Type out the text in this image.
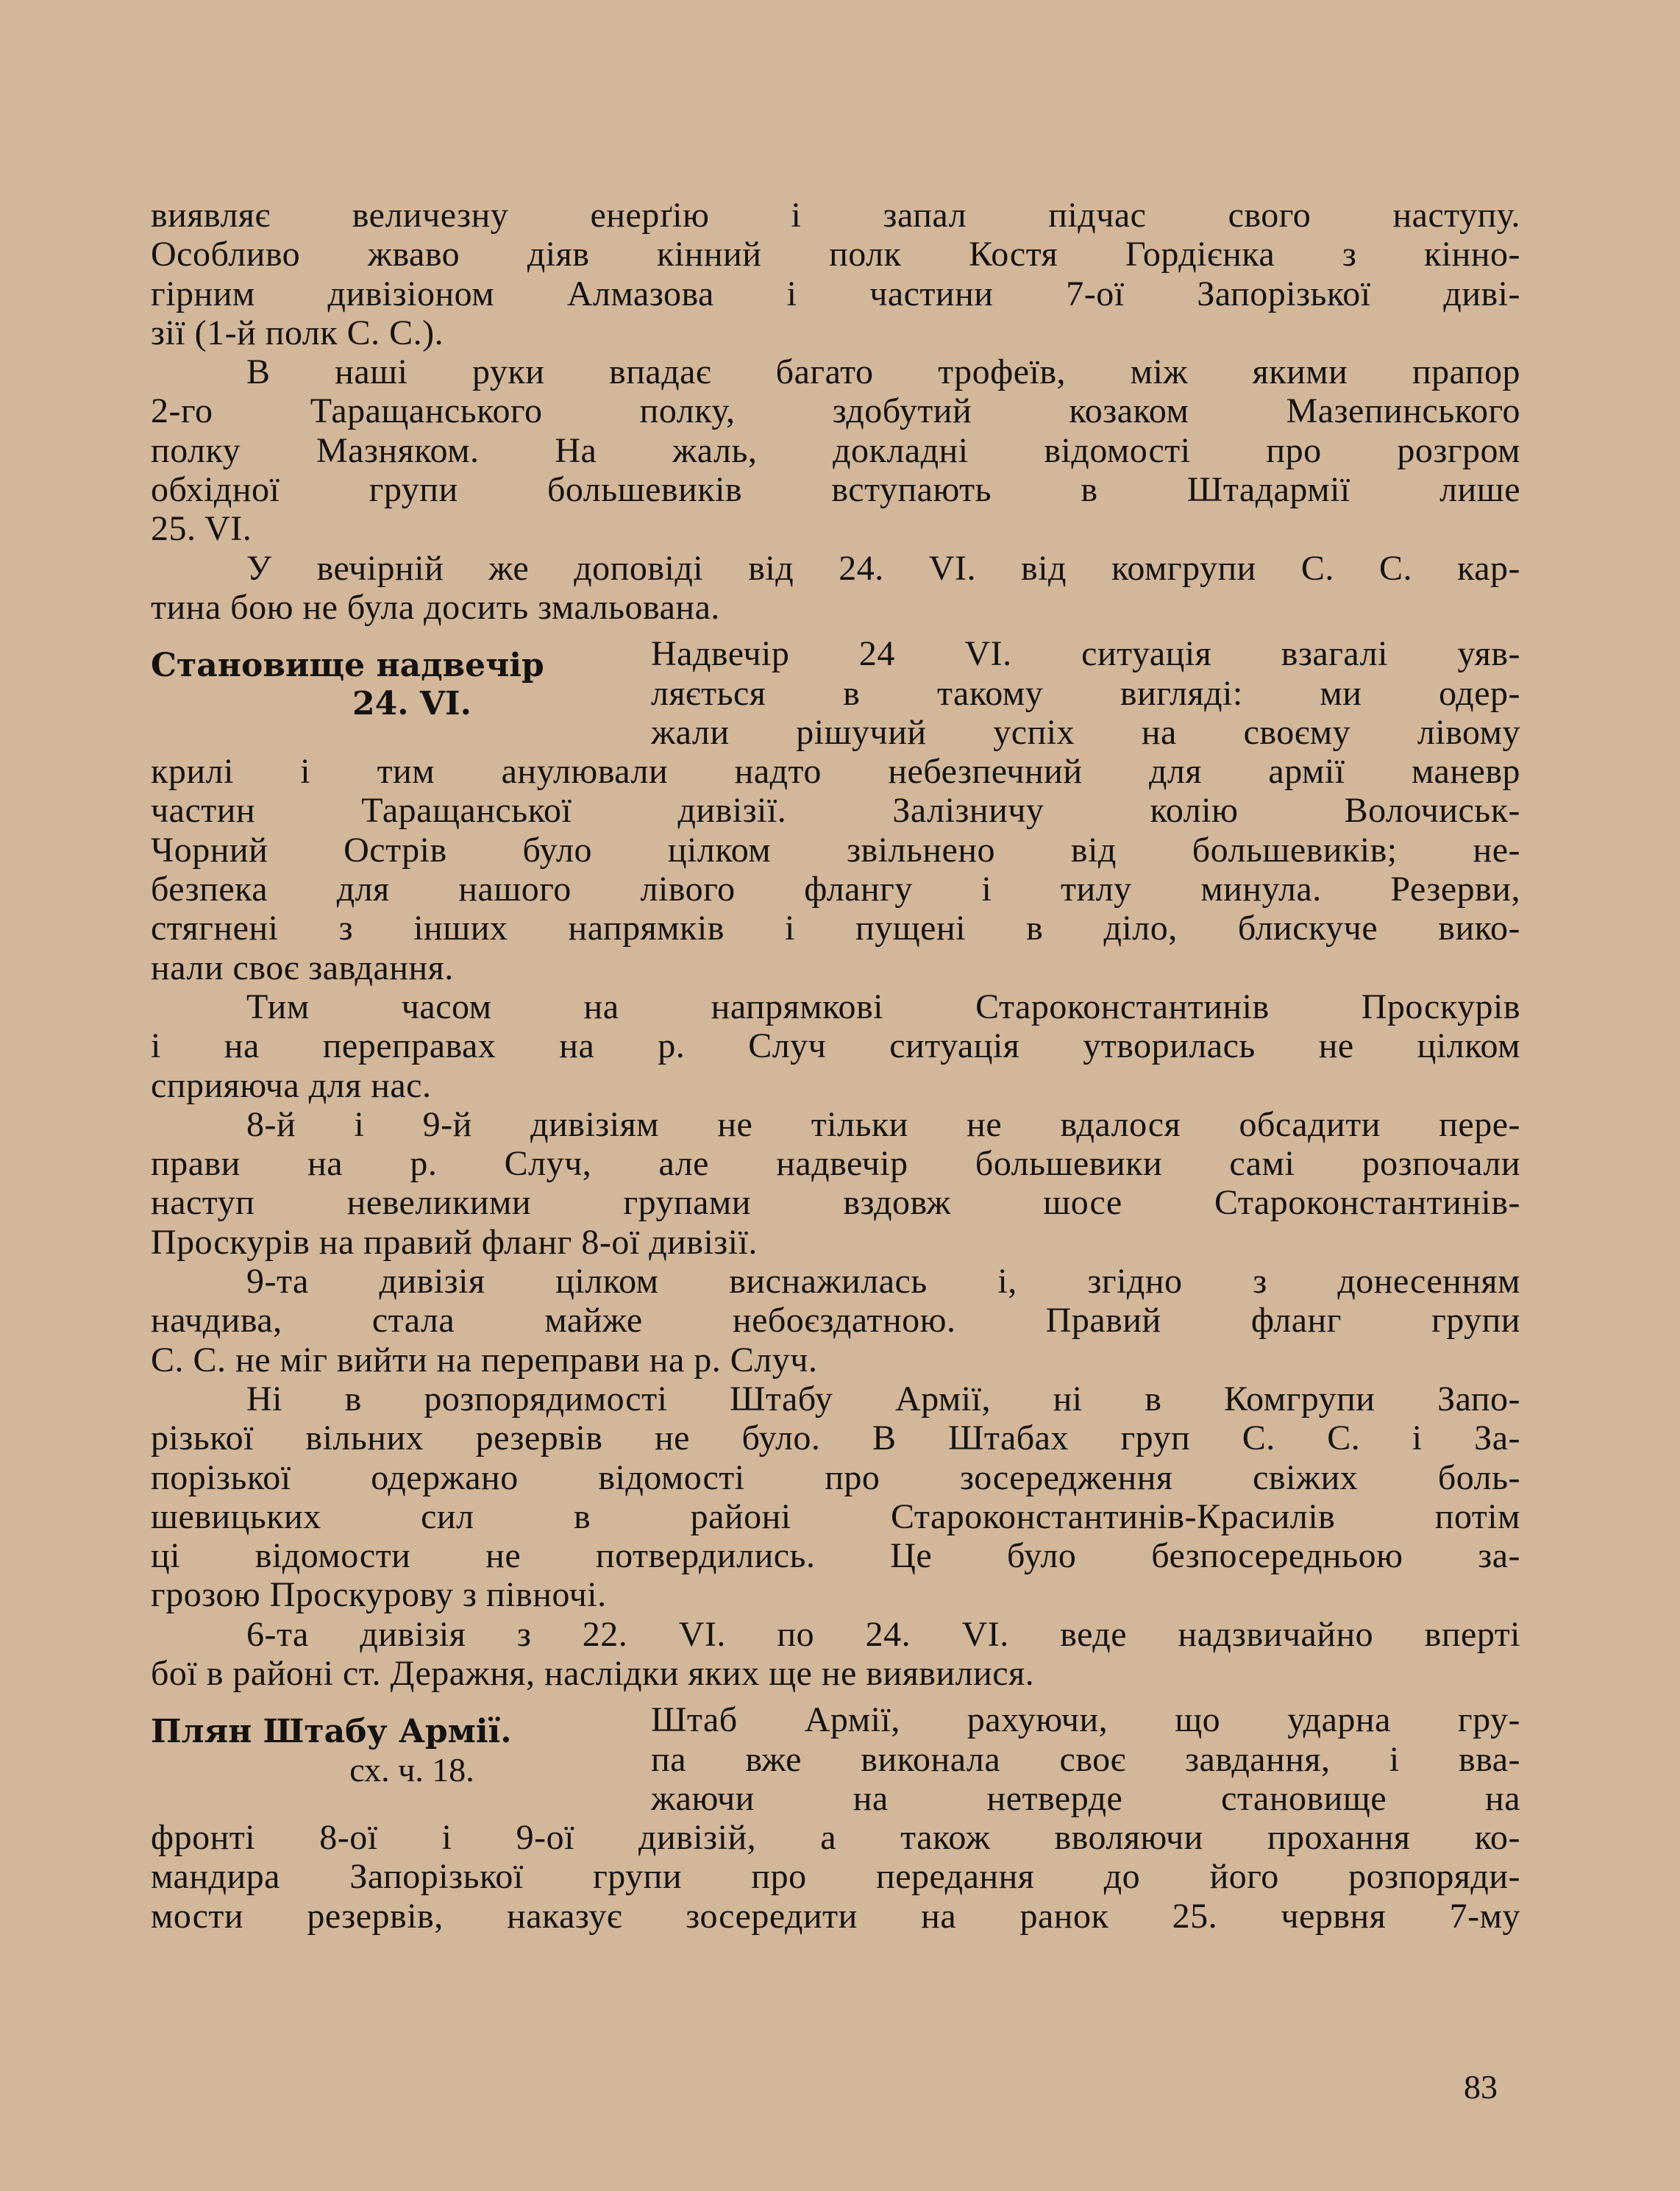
виявляє величезну енерґію і запал підчас свого наступу.
Особливо жваво діяв кінний полк Костя Гордієнка з кінно-
гірним дивізіоном Алмазова і частини 7-ої Запорізької диві-
зії (1-й полк С. С.).
В наші руки впадає багато трофеїв, між якими прапор
2-го Таращанського полку, здобутий козаком Мазепинського
полку Мазняком. На жаль, докладні відомості про розгром
обхідної групи большевиків вступають в Штадармії лише
25. VI.
У вечірній же доповіді від 24. VI. від комгрупи С. С. кар-
тина бою не була досить змальована.
Становище надвечір
24. VI.
Надвечір 24 VI. ситуація взагалі уяв-
ляється в такому вигляді: ми одер-
жали рішучий успіх на своєму лівому
крилі і тим анулювали надто небезпечний для армії маневр
частин Таращанської дивізії. Залізничу колію Волочиськ-
Чорний Острів було цілком звільнено від большевиків; не-
безпека для нашого лівого флангу і тилу минула. Резерви,
стягнені з інших напрямків і пущені в діло, блискуче вико-
нали своє завдання.
Тим часом на напрямкові Староконстантинів Проскурів
і на переправах на р. Случ ситуація утворилась не цілком
сприяюча для нас.
8-й і 9-й дивізіям не тільки не вдалося обсадити пере-
прави на р. Случ, але надвечір большевики самі розпочали
наступ невеликими групами вздовж шосе Староконстантинів-
Проскурів на правий фланг 8-ої дивізії.
9-та дивізія цілком виснажилась і, згідно з донесенням
начдива, стала майже небоєздатною. Правий фланг групи
С. С. не міг вийти на переправи на р. Случ.
Ні в розпорядимості Штабу Армії, ні в Комгрупи Запо-
різької вільних резервів не було. В Штабах груп С. С. і За-
порізької одержано відомості про зосередження свіжих боль-
шевицьких сил в районі Староконстантинів-Красилів потім
ці відомости не потвердились. Це було безпосередньою за-
грозою Проскурову з півночі.
6-та дивізія з 22. VI. по 24. VI. веде надзвичайно вперті
бої в районі ст. Деражня, наслідки яких ще не виявилися.
Плян Штабу Армії.
сх. ч. 18.
Штаб Армії, рахуючи, що ударна гру-
па вже виконала своє завдання, і вва-
жаючи на нетверде становище на
фронті 8-ої і 9-ої дивізій, а також вволяючи прохання ко-
мандира Запорізької групи про передання до його розпоряди-
мости резервів, наказує зосередити на ранок 25. червня 7-му
83
